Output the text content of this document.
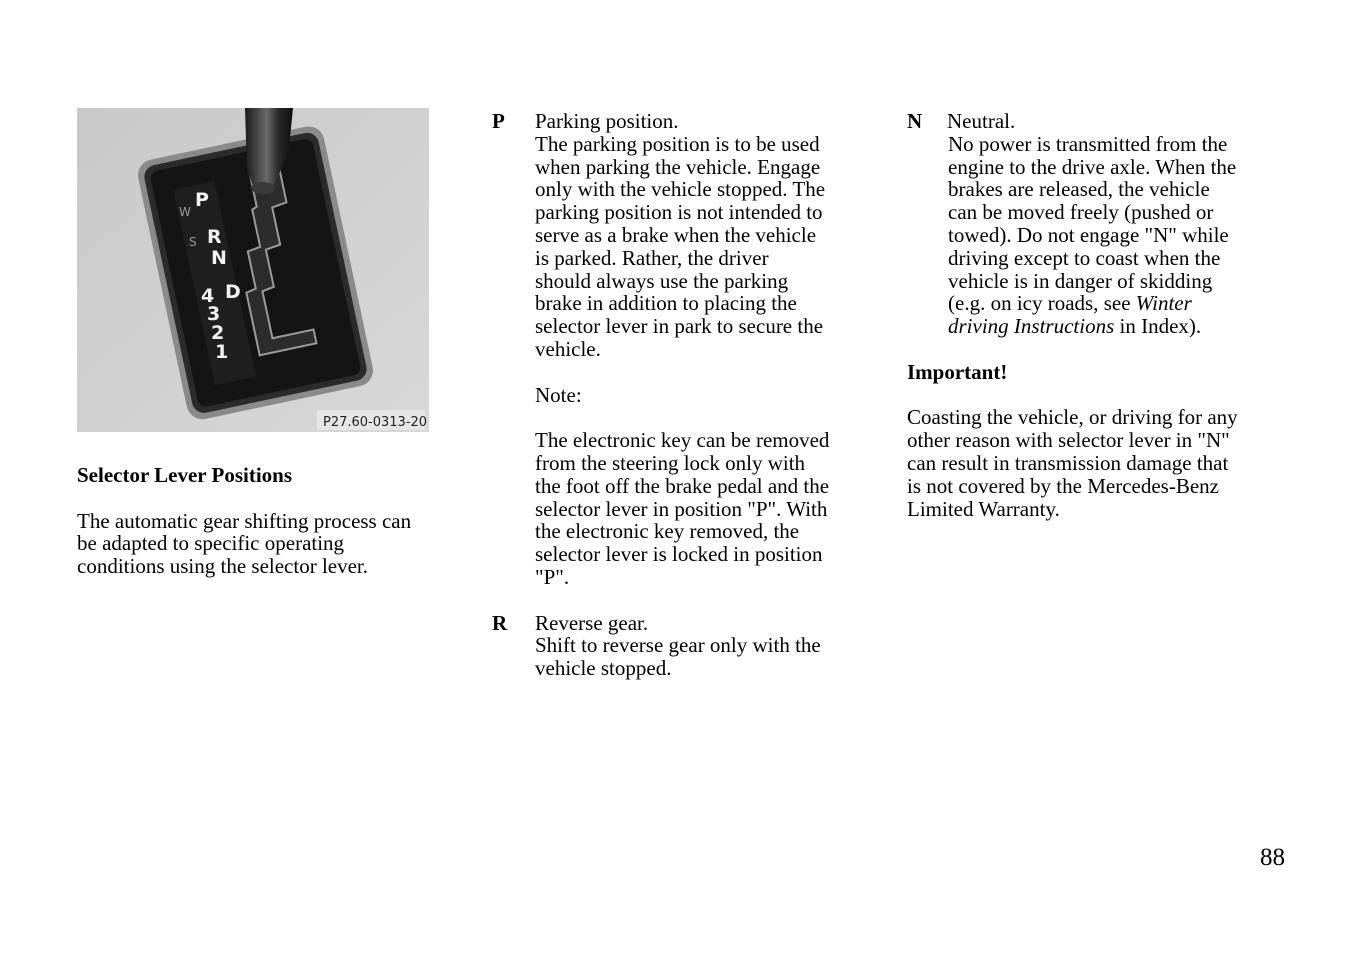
P
R
N
4 D
3
2
1
W
S
P27.60-0313-20

Selector Lever Positions

The automatic gear shifting process can

be adapted to specific operating

conditions using the selector lever.

P	Parking position.

The parking position is to be used

when parking the vehicle. Engage

only with the vehicle stopped. The

parking position is not intended to

serve as a brake when the vehicle

is parked. Rather, the driver

should always use the parking

brake in addition to placing the

selector lever in park to secure the

vehicle.

Note:

The electronic key can be removed

from the steering lock only with

the foot off the brake pedal and the

selector lever in position "P". With

the electronic key removed, the

selector lever is locked in position

"P".

R	Reverse gear.

Shift to reverse gear only with the

vehicle stopped.

N	Neutral.

No power is transmitted from the

engine to the drive axle. When the

brakes are released, the vehicle

can be moved freely (pushed or

towed). Do not engage "N" while

driving except to coast when the

vehicle is in danger of skidding

(e.g. on icy roads, see Winter

driving Instructions in Index).

Important!

Coasting the vehicle, or driving for any

other reason with selector lever in "N"

can result in transmission damage that

is not covered by the Mercedes-Benz

Limited Warranty.

88
